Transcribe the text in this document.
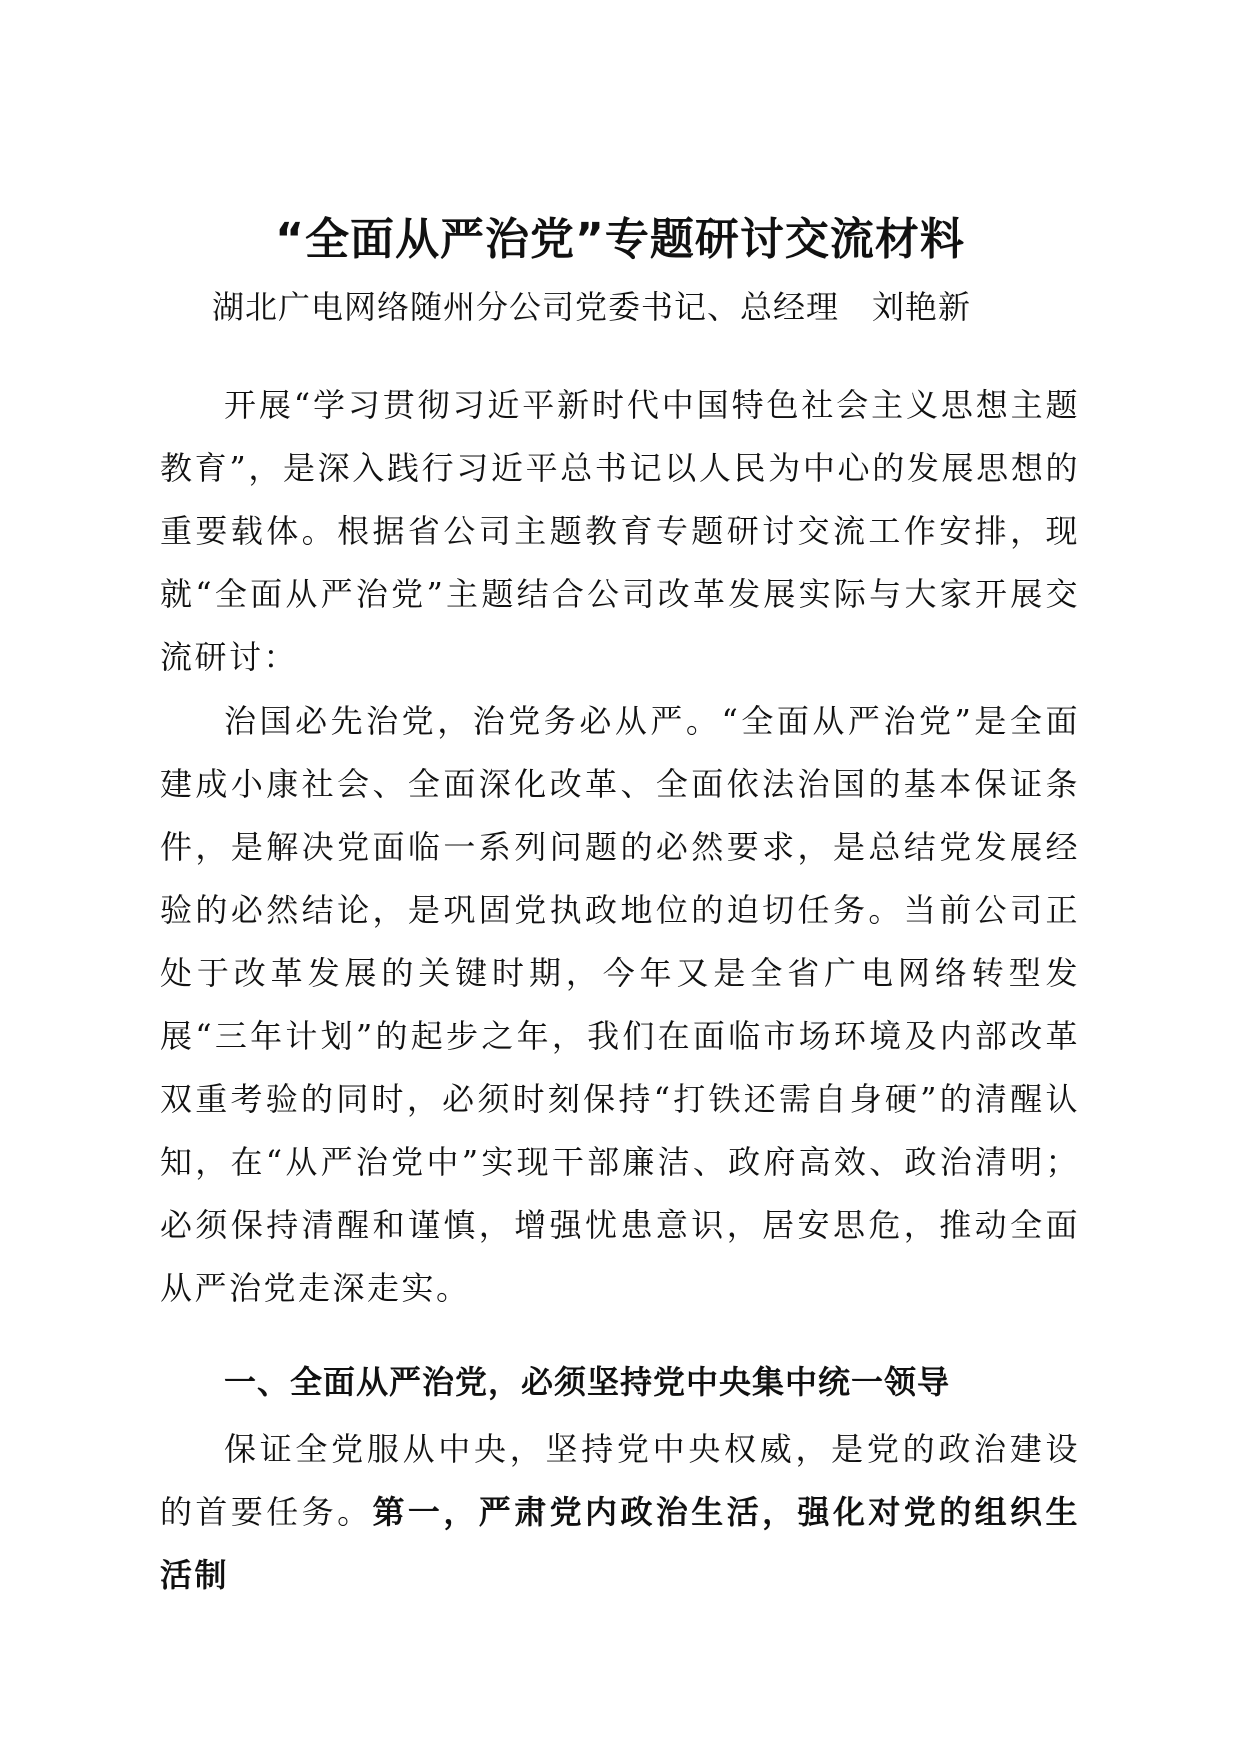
“全面从严治党”专题研讨交流材料
湖北广电网络随州分公司党委书记、总经理　刘艳新

开展“学习贯彻习近平新时代中国特色社会主义思想主题教育”，是深入践行习近平总书记以人民为中心的发展思想的重要载体。根据省公司主题教育专题研讨交流工作安排，现就“全面从严治党”主题结合公司改革发展实际与大家开展交流研讨：

治国必先治党，治党务必从严。“全面从严治党”是全面建成小康社会、全面深化改革、全面依法治国的基本保证条件，是解决党面临一系列问题的必然要求，是总结党发展经验的必然结论，是巩固党执政地位的迫切任务。当前公司正处于改革发展的关键时期，今年又是全省广电网络转型发展“三年计划”的起步之年，我们在面临市场环境及内部改革双重考验的同时，必须时刻保持“打铁还需自身硬”的清醒认知，在“从严治党中”实现干部廉洁、政府高效、政治清明；必须保持清醒和谨慎，增强忧患意识，居安思危，推动全面从严治党走深走实。

一、全面从严治党，必须坚持党中央集中统一领导

保证全党服从中央，坚持党中央权威，是党的政治建设的首要任务。第一，严肃党内政治生活，强化对党的组织生活制
